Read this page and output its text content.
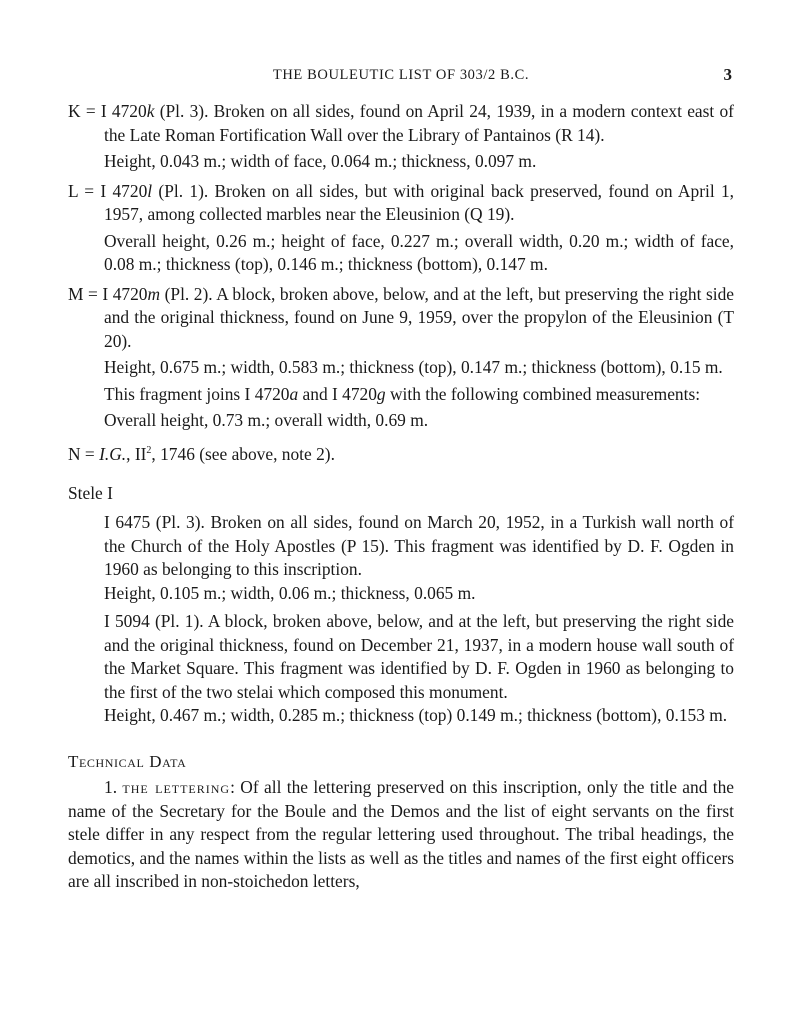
THE BOULEUTIC LIST OF 303/2 B.C.	3
K = I 4720k (Pl. 3). Broken on all sides, found on April 24, 1939, in a modern context east of the Late Roman Fortification Wall over the Library of Pantainos (R 14).
Height, 0.043 m.; width of face, 0.064 m.; thickness, 0.097 m.
L = I 4720l (Pl. 1). Broken on all sides, but with original back preserved, found on April 1, 1957, among collected marbles near the Eleusinion (Q 19).
Overall height, 0.26 m.; height of face, 0.227 m.; overall width, 0.20 m.; width of face, 0.08 m.; thickness (top), 0.146 m.; thickness (bottom), 0.147 m.
M = I 4720m (Pl. 2). A block, broken above, below, and at the left, but preserving the right side and the original thickness, found on June 9, 1959, over the propylon of the Eleusinion (T 20).
Height, 0.675 m.; width, 0.583 m.; thickness (top), 0.147 m.; thickness (bottom), 0.15 m.
This fragment joins I 4720a and I 4720g with the following combined measurements:
Overall height, 0.73 m.; overall width, 0.69 m.
N = I.G., $II^2$, 1746 (see above, note 2).
Stele I

I 6475 (Pl. 3). Broken on all sides, found on March 20, 1952, in a Turkish wall north of the Church of the Holy Apostles (P 15). This fragment was identified by D. F. Ogden in 1960 as belonging to this inscription.

Height, 0.105 m.; width, 0.06 m.; thickness, 0.065 m.

I 5094 (Pl. 1). A block, broken above, below, and at the left, but preserving the right side and the original thickness, found on December 21, 1937, in a modern house wall south of the Market Square. This fragment was identified by D. F. Ogden in 1960 as belonging to the first of the two stelai which composed this monument.

Height, 0.467 m.; width, 0.285 m.; thickness (top) 0.149 m.; thickness (bottom), 0.153 m.

Technical Data

1. the lettering: Of all the lettering preserved on this inscription, only the title and the name of the Secretary for the Boule and the Demos and the list of eight servants on the first stele differ in any respect from the regular lettering used throughout. The tribal headings, the demotics, and the names within the lists as well as the titles and names of the first eight officers are all inscribed in non-stoichedon letters,
